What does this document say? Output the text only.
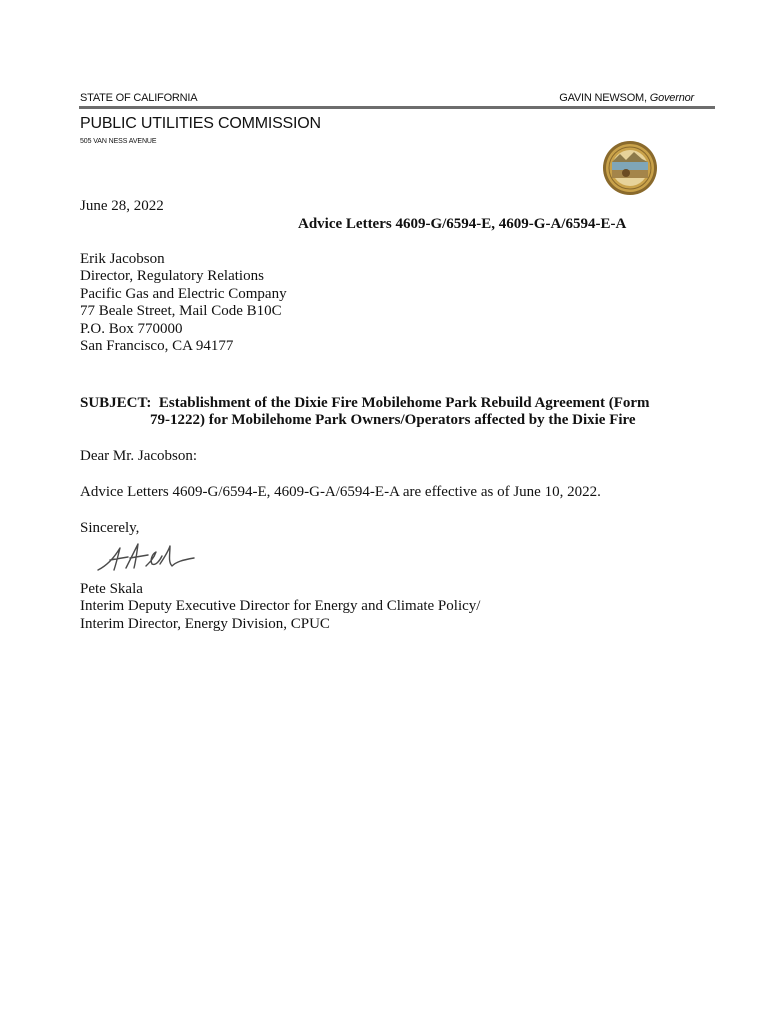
STATE OF CALIFORNIA	GAVIN NEWSOM, Governor
PUBLIC UTILITIES COMMISSION
505 VAN NESS AVENUE
June 28, 2022
Advice Letters 4609-G/6594-E, 4609-G-A/6594-E-A
Erik Jacobson
Director, Regulatory Relations
Pacific Gas and Electric Company
77 Beale Street, Mail Code B10C
P.O. Box 770000
San Francisco, CA 94177
SUBJECT:  Establishment of the Dixie Fire Mobilehome Park Rebuild Agreement (Form
79-1222) for Mobilehome Park Owners/Operators affected by the Dixie Fire
Dear Mr. Jacobson:
Advice Letters 4609-G/6594-E, 4609-G-A/6594-E-A are effective as of June 10, 2022.
Sincerely,
Pete Skala
Interim Deputy Executive Director for Energy and Climate Policy/
Interim Director, Energy Division, CPUC
